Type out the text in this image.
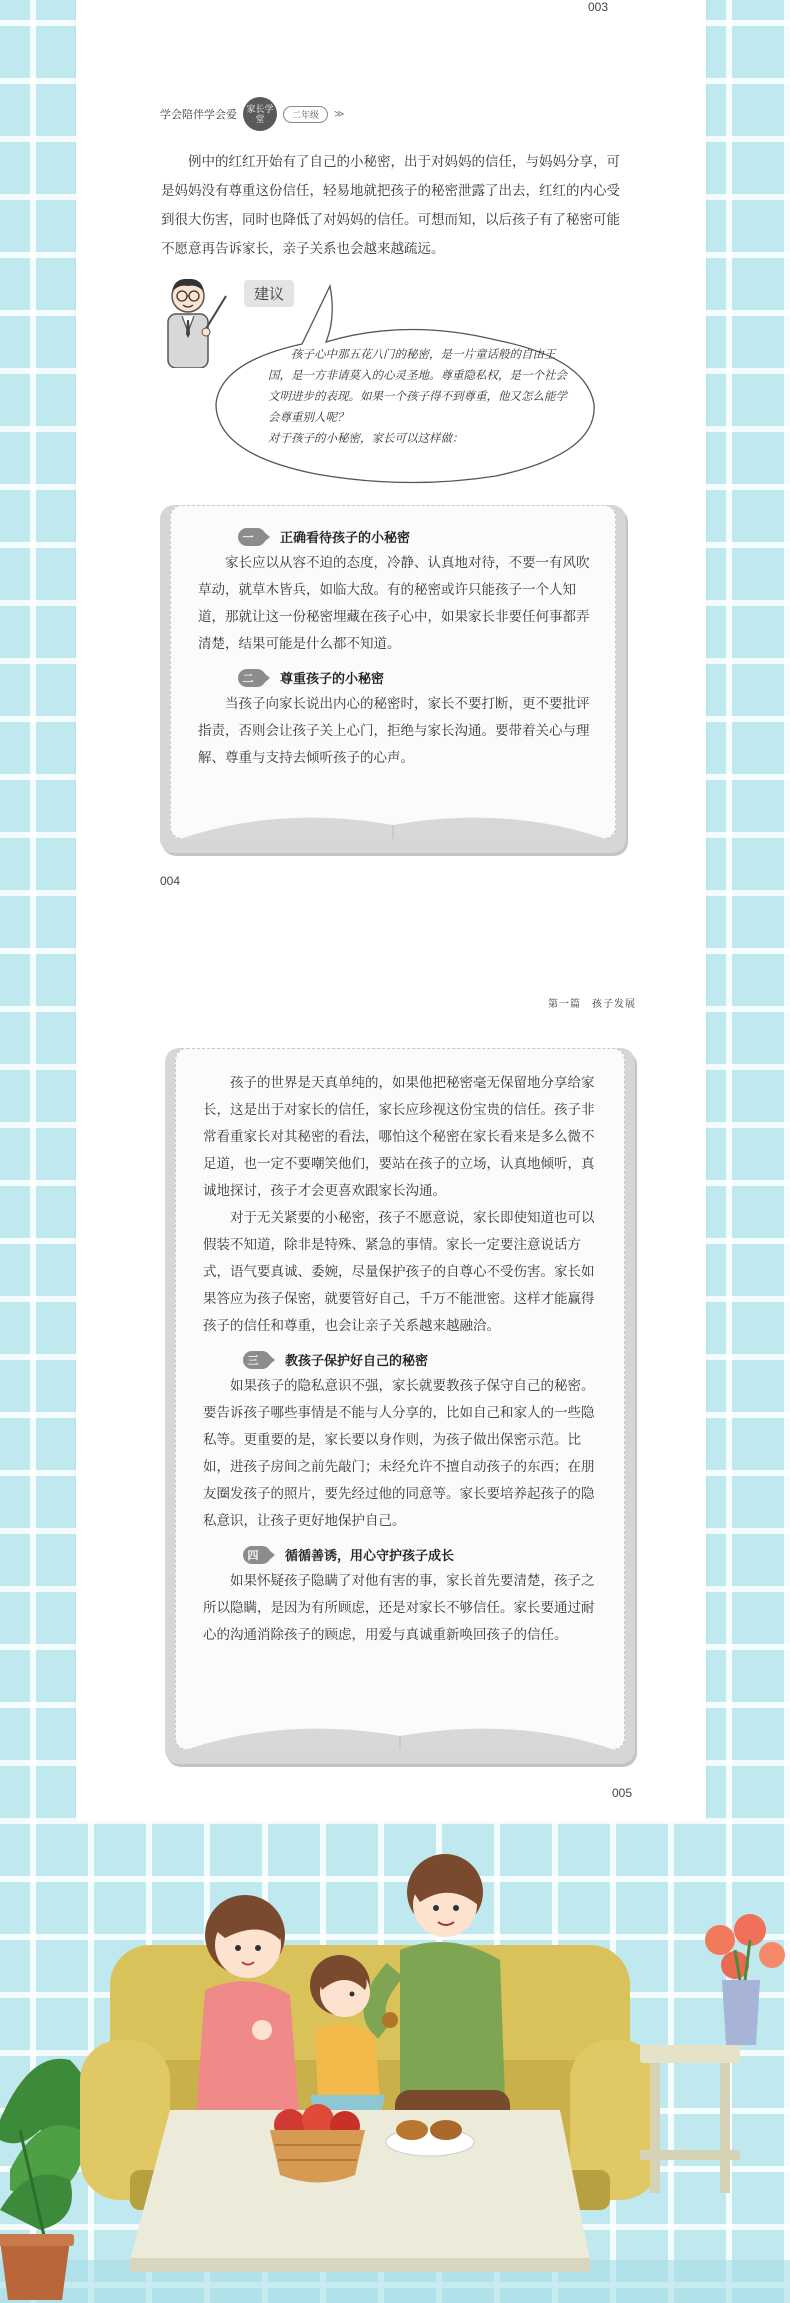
003
学会陪伴学会爱	家长学堂	二年级	≫

例中的红红开始有了自己的小秘密，出于对妈妈的信任，与妈妈分享，可是妈妈没有尊重这份信任，轻易地就把孩子的秘密泄露了出去，红红的内心受到很大伤害，同时也降低了对妈妈的信任。可想而知，以后孩子有了秘密可能不愿意再告诉家长，亲子关系也会越来越疏远。

建议

孩子心中那五花八门的秘密，是一片童话般的自由王国，是一方非请莫入的心灵圣地。尊重隐私权，是一个社会文明进步的表现。如果一个孩子得不到尊重，他又怎么能学会尊重别人呢？

对于孩子的小秘密，家长可以这样做：

一	正确看待孩子的小秘密

家长应以从容不迫的态度，冷静、认真地对待，不要一有风吹草动，就草木皆兵，如临大敌。有的秘密或许只能孩子一个人知道，那就让这一份秘密埋藏在孩子心中，如果家长非要任何事都弄清楚，结果可能是什么都不知道。

二	尊重孩子的小秘密

当孩子向家长说出内心的秘密时，家长不要打断，更不要批评指责，否则会让孩子关上心门，拒绝与家长沟通。要带着关心与理解、尊重与支持去倾听孩子的心声。

004
第一篇　孩子发展

孩子的世界是天真单纯的，如果他把秘密毫无保留地分享给家长，这是出于对家长的信任，家长应珍视这份宝贵的信任。孩子非常看重家长对其秘密的看法，哪怕这个秘密在家长看来是多么微不足道，也一定不要嘲笑他们，要站在孩子的立场，认真地倾听，真诚地探讨，孩子才会更喜欢跟家长沟通。

对于无关紧要的小秘密，孩子不愿意说，家长即使知道也可以假装不知道，除非是特殊、紧急的事情。家长一定要注意说话方式，语气要真诚、委婉，尽量保护孩子的自尊心不受伤害。家长如果答应为孩子保密，就要管好自己，千万不能泄密。这样才能赢得孩子的信任和尊重，也会让亲子关系越来越融洽。

三	教孩子保护好自己的秘密

如果孩子的隐私意识不强，家长就要教孩子保守自己的秘密。要告诉孩子哪些事情是不能与人分享的，比如自己和家人的一些隐私等。更重要的是，家长要以身作则，为孩子做出保密示范。比如，进孩子房间之前先敲门；未经允许不擅自动孩子的东西；在朋友圈发孩子的照片，要先经过他的同意等。家长要培养起孩子的隐私意识，让孩子更好地保护自己。

四	循循善诱，用心守护孩子成长

如果怀疑孩子隐瞒了对他有害的事，家长首先要清楚，孩子之所以隐瞒，是因为有所顾虑，还是对家长不够信任。家长要通过耐心的沟通消除孩子的顾虑，用爱与真诚重新唤回孩子的信任。

005
